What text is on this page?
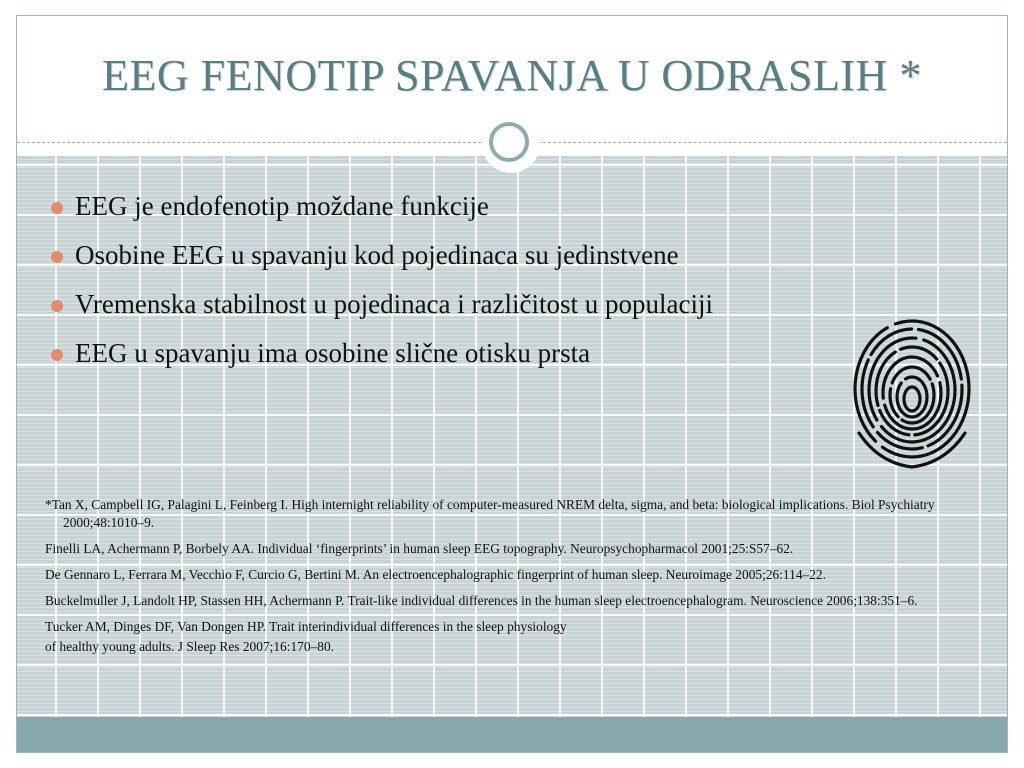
EEG FENOTIP SPAVANJA U ODRASLIH *
EEG je endofenotip moždane funkcije
Osobine EEG u spavanju kod pojedinaca su jedinstvene
Vremenska stabilnost u pojedinaca i različitost u populaciji
EEG u spavanju ima osobine slične otisku prsta

*Tan X, Campbell IG, Palagini L, Feinberg I. High internight reliability of computer-measured NREM delta, sigma, and beta: biological implications. Biol Psychiatry 2000;48:1010–9.

Finelli LA, Achermann P, Borbely AA. Individual ‘fingerprints’ in human sleep EEG topography. Neuropsychopharmacol 2001;25:S57–62.

De Gennaro L, Ferrara M, Vecchio F, Curcio G, Bertini M. An electroencephalographic fingerprint of human sleep. Neuroimage 2005;26:114–22.

Buckelmuller J, Landolt HP, Stassen HH, Achermann P. Trait-like individual differences in the human sleep electroencephalogram. Neuroscience 2006;138:351–6.

Tucker AM, Dinges DF, Van Dongen HP. Trait interindividual differences in the sleep physiology

of healthy young adults. J Sleep Res 2007;16:170–80.
